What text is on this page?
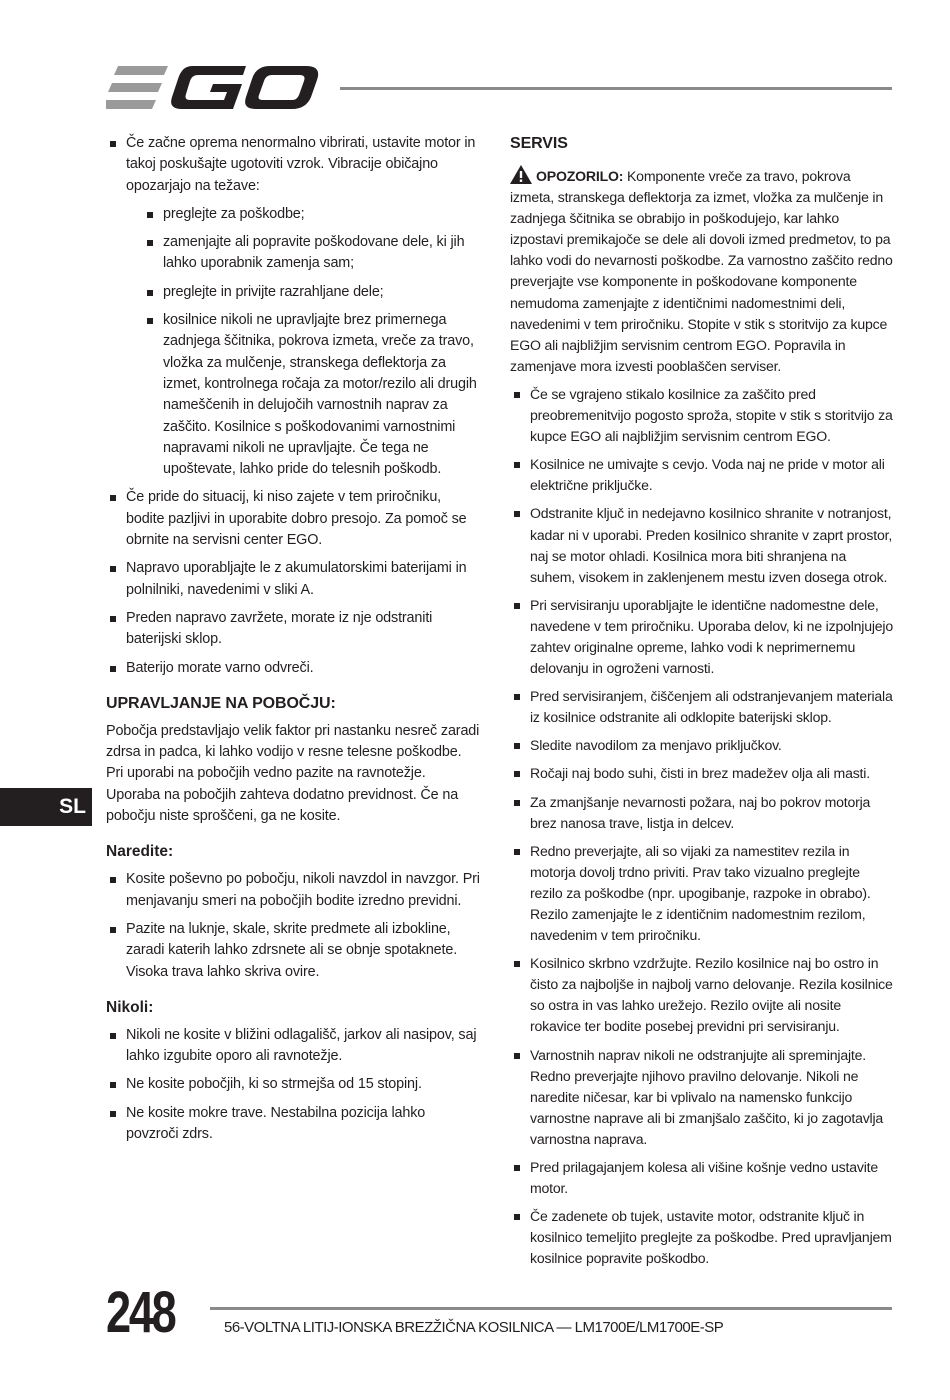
EGO
SL
Če začne oprema nenormalno vibrirati, ustavite motor in takoj poskušajte ugotoviti vzrok. Vibracije običajno opozarjajo na težave:
preglejte za poškodbe;
zamenjajte ali popravite poškodovane dele, ki jih lahko uporabnik zamenja sam;
preglejte in privijte razrahljane dele;
kosilnice nikoli ne upravljajte brez primernega zadnjega ščitnika, pokrova izmeta, vreče za travo, vložka za mulčenje, stranskega deflektorja za izmet, kontrolnega ročaja za motor/rezilo ali drugih nameščenih in delujočih varnostnih naprav za zaščito. Kosilnice s poškodovanimi varnostnimi napravami nikoli ne upravljajte. Če tega ne upoštevate, lahko pride do telesnih poškodb.
Če pride do situacij, ki niso zajete v tem priročniku, bodite pazljivi in uporabite dobro presojo. Za pomoč se obrnite na servisni center EGO.
Napravo uporabljajte le z akumulatorskimi baterijami in polnilniki, navedenimi v sliki A.
Preden napravo zavržete, morate iz nje odstraniti baterijski sklop.
Baterijo morate varno odvreči.
UPRAVLJANJE NA POBOČJU:

Pobočja predstavljajo velik faktor pri nastanku nesreč zaradi zdrsa in padca, ki lahko vodijo v resne telesne poškodbe. Pri uporabi na pobočjih vedno pazite na ravnotežje. Uporaba na pobočjih zahteva dodatno previdnost. Če na pobočju niste sproščeni, ga ne kosite.

Naredite:
Kosite poševno po pobočju, nikoli navzdol in navzgor. Pri menjavanju smeri na pobočjih bodite izredno previdni.
Pazite na luknje, skale, skrite predmete ali izbokline, zaradi katerih lahko zdrsnete ali se obnje spotaknete. Visoka trava lahko skriva ovire.
Nikoli:
Nikoli ne kosite v bližini odlagališč, jarkov ali nasipov, saj lahko izgubite oporo ali ravnotežje.
Ne kosite pobočjih, ki so strmejša od 15 stopinj.
Ne kosite mokre trave. Nestabilna pozicija lahko povzroči zdrs.
SERVIS

OPOZORILO: Komponente vreče za travo, pokrova izmeta, stranskega deflektorja za izmet, vložka za mulčenje in zadnjega ščitnika se obrabijo in poškodujejo, kar lahko izpostavi premikajoče se dele ali dovoli izmed predmetov, to pa lahko vodi do nevarnosti poškodbe. Za varnostno zaščito redno preverjajte vse komponente in poškodovane komponente nemudoma zamenjajte z identičnimi nadomestnimi deli, navedenimi v tem priročniku. Stopite v stik s storitvijo za kupce EGO ali najbližjim servisnim centrom EGO. Popravila in zamenjave mora izvesti pooblaščen serviser.

Če se vgrajeno stikalo kosilnice za zaščito pred preobremenitvijo pogosto sproža, stopite v stik s storitvijo za kupce EGO ali najbližjim servisnim centrom EGO.
Kosilnice ne umivajte s cevjo. Voda naj ne pride v motor ali električne priključke.
Odstranite ključ in nedejavno kosilnico shranite v notranjost, kadar ni v uporabi. Preden kosilnico shranite v zaprt prostor, naj se motor ohladi. Kosilnica mora biti shranjena na suhem, visokem in zaklenjenem mestu izven dosega otrok.
Pri servisiranju uporabljajte le identične nadomestne dele, navedene v tem priročniku. Uporaba delov, ki ne izpolnjujejo zahtev originalne opreme, lahko vodi k neprimernemu delovanju in ogroženi varnosti.
Pred servisiranjem, čiščenjem ali odstranjevanjem materiala iz kosilnice odstranite ali odklopite baterijski sklop.
Sledite navodilom za menjavo priključkov.
Ročaji naj bodo suhi, čisti in brez madežev olja ali masti.
Za zmanjšanje nevarnosti požara, naj bo pokrov motorja brez nanosa trave, listja in delcev.
Redno preverjajte, ali so vijaki za namestitev rezila in motorja dovolj trdno priviti. Prav tako vizualno preglejte rezilo za poškodbe (npr. upogibanje, razpoke in obrabo). Rezilo zamenjajte le z identičnim nadomestnim rezilom, navedenim v tem priročniku.
Kosilnico skrbno vzdržujte. Rezilo kosilnice naj bo ostro in čisto za najboljše in najbolj varno delovanje. Rezila kosilnice so ostra in vas lahko urežejo. Rezilo ovijte ali nosite rokavice ter bodite posebej previdni pri servisiranju.
Varnostnih naprav nikoli ne odstranjujte ali spreminjajte. Redno preverjajte njihovo pravilno delovanje. Nikoli ne naredite ničesar, kar bi vplivalo na namensko funkcijo varnostne naprave ali bi zmanjšalo zaščito, ki jo zagotavlja varnostna naprava.
Pred prilagajanjem kolesa ali višine košnje vedno ustavite motor.
Če zadenete ob tujek, ustavite motor, odstranite ključ in kosilnico temeljito preglejte za poškodbe. Pred upravljanjem kosilnice popravite poškodbo.
248	56-VOLTNA LITIJ-IONSKA BREZŽIČNA KOSILNICA — LM1700E/LM1700E-SP
